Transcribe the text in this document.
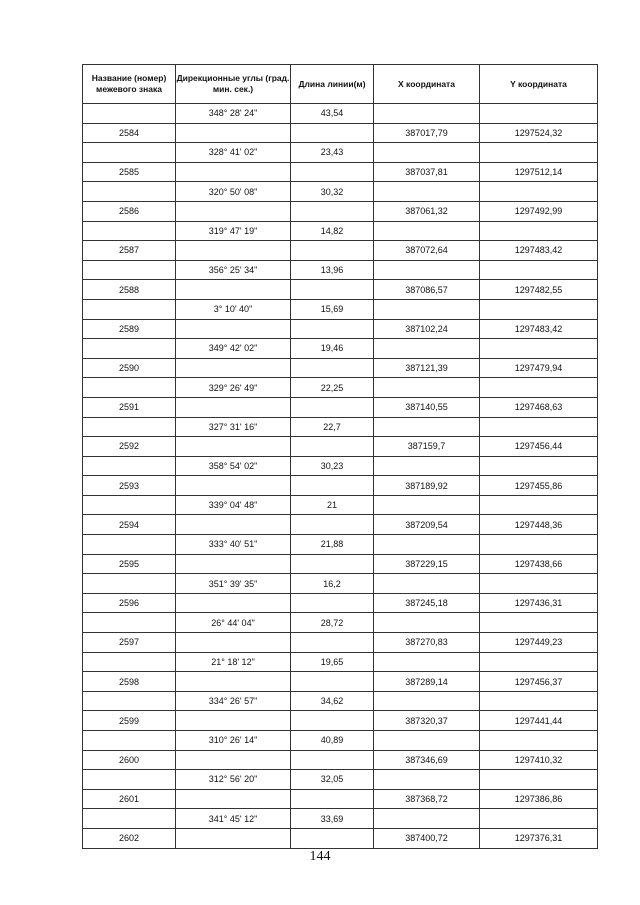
Название (номер) межевого знака	Дирекционные углы (град. мин. сек.)	Длина линии(м)	X координата	Y координата
	348° 28' 24"	43,54		
2584			387017,79	1297524,32
	328° 41' 02"	23,43		
2585			387037,81	1297512,14
	320° 50' 08"	30,32		
2586			387061,32	1297492,99
	319° 47' 19"	14,82		
2587			387072,64	1297483,42
	356° 25' 34"	13,96		
2588			387086,57	1297482,55
	3° 10' 40"	15,69		
2589			387102,24	1297483,42
	349° 42' 02"	19,46		
2590			387121,39	1297479,94
	329° 26' 49"	22,25		
2591			387140,55	1297468,63
	327° 31' 16"	22,7		
2592			387159,7	1297456,44
	358° 54' 02"	30,23		
2593			387189,92	1297455,86
	339° 04' 48"	21		
2594			387209,54	1297448,36
	333° 40' 51"	21,88		
2595			387229,15	1297438,66
	351° 39' 35"	16,2		
2596			387245,18	1297436,31
	26° 44' 04"	28,72		
2597			387270,83	1297449,23
	21° 18' 12"	19,65		
2598			387289,14	1297456,37
	334° 26' 57"	34,62		
2599			387320,37	1297441,44
	310° 26' 14"	40,89		
2600			387346,69	1297410,32
	312° 56' 20"	32,05		
2601			387368,72	1297386,86
	341° 45' 12"	33,69		
2602			387400,72	1297376,31
144
